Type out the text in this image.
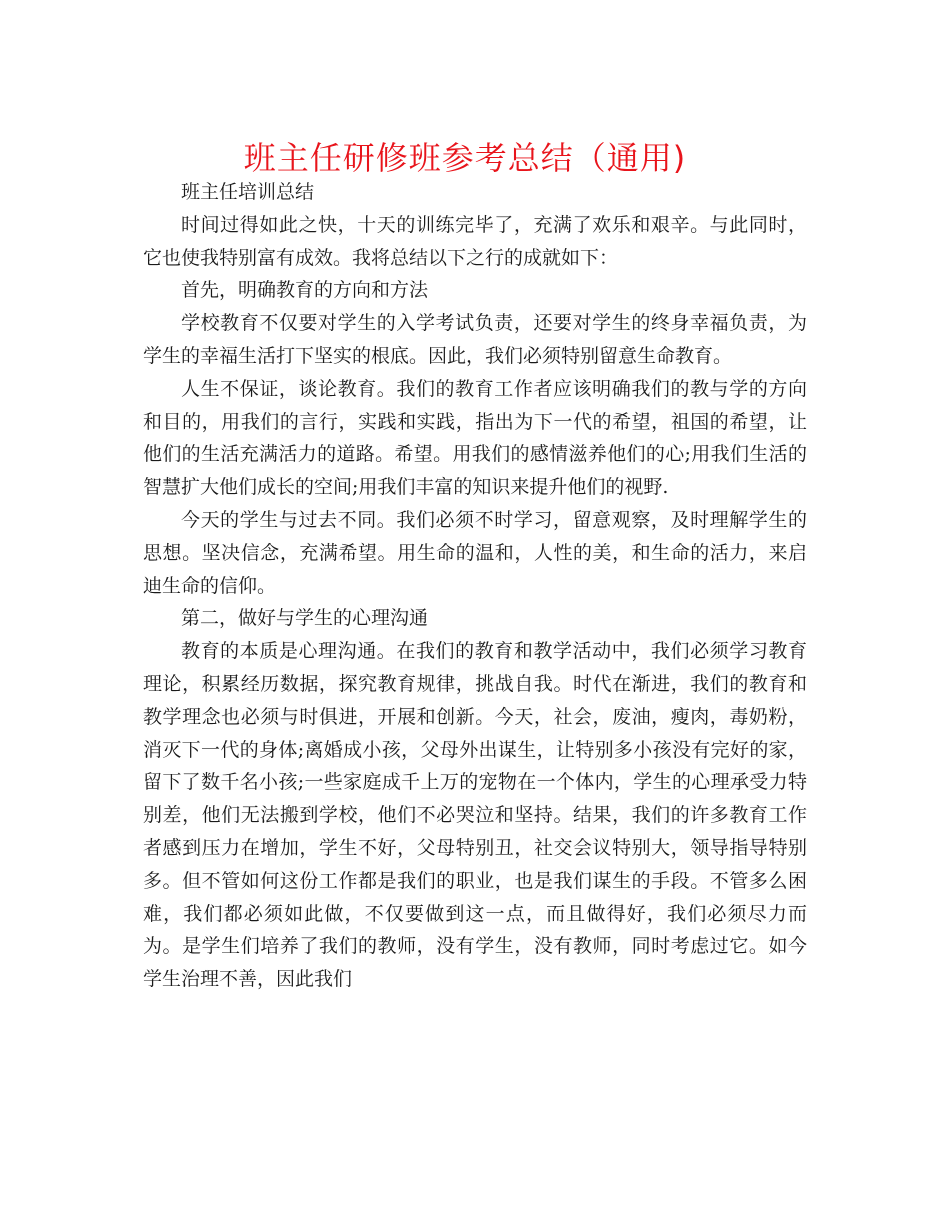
班主任研修班参考总结（通用)

班主任培训总结

时间过得如此之快，十天的训练完毕了，充满了欢乐和艰辛。与此同时，它也使我特别富有成效。我将总结以下之行的成就如下：

首先，明确教育的方向和方法

学校教育不仅要对学生的入学考试负责，还要对学生的终身幸福负责，为学生的幸福生活打下坚实的根底。因此，我们必须特别留意生命教育。

人生不保证，谈论教育。我们的教育工作者应该明确我们的教与学的方向和目的，用我们的言行，实践和实践，指出为下一代的希望，祖国的希望，让他们的生活充满活力的道路。希望。用我们的感情滋养他们的心;用我们生活的智慧扩大他们成长的空间;用我们丰富的知识来提升他们的视野.

今天的学生与过去不同。我们必须不时学习，留意观察，及时理解学生的思想。坚决信念，充满希望。用生命的温和，人性的美，和生命的活力，来启迪生命的信仰。

第二，做好与学生的心理沟通

教育的本质是心理沟通。在我们的教育和教学活动中，我们必须学习教育理论，积累经历数据，探究教育规律，挑战自我。时代在渐进，我们的教育和教学理念也必须与时俱进，开展和创新。今天，社会，废油，瘦肉，毒奶粉，消灭下一代的身体;离婚成小孩，父母外出谋生，让特别多小孩没有完好的家，留下了数千名小孩;一些家庭成千上万的宠物在一个体内，学生的心理承受力特别差，他们无法搬到学校，他们不必哭泣和坚持。结果，我们的许多教育工作者感到压力在增加，学生不好，父母特别丑，社交会议特别大，领导指导特别多。但不管如何这份工作都是我们的职业，也是我们谋生的手段。不管多么困难，我们都必须如此做，不仅要做到这一点，而且做得好，我们必须尽力而为。是学生们培养了我们的教师，没有学生，没有教师，同时考虑过它。如今学生治理不善，因此我们
